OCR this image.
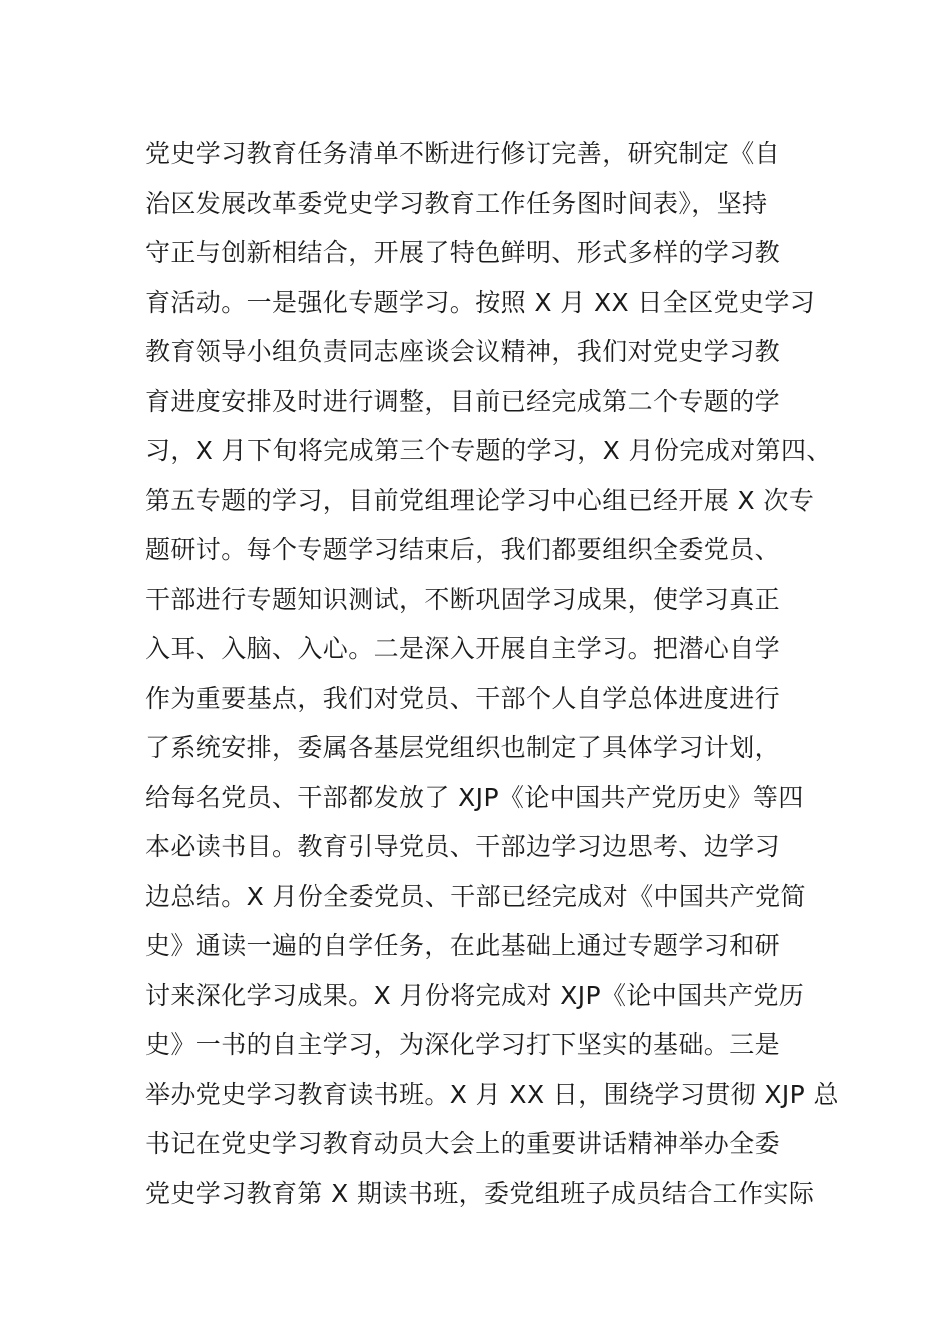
党史学习教育任务清单不断进行修订完善，研究制定《自
治区发展改革委党史学习教育工作任务图时间表》，坚持
守正与创新相结合，开展了特色鲜明、形式多样的学习教
育活动。一是强化专题学习。按照 X 月 XX 日全区党史学习
教育领导小组负责同志座谈会议精神，我们对党史学习教
育进度安排及时进行调整，目前已经完成第二个专题的学
习，X 月下旬将完成第三个专题的学习，X 月份完成对第四、
第五专题的学习，目前党组理论学习中心组已经开展 X 次专
题研讨。每个专题学习结束后，我们都要组织全委党员、
干部进行专题知识测试，不断巩固学习成果，使学习真正
入耳、入脑、入心。二是深入开展自主学习。把潜心自学
作为重要基点，我们对党员、干部个人自学总体进度进行
了系统安排，委属各基层党组织也制定了具体学习计划，
给每名党员、干部都发放了 XJP《论中国共产党历史》等四
本必读书目。教育引导党员、干部边学习边思考、边学习
边总结。X 月份全委党员、干部已经完成对《中国共产党简
史》通读一遍的自学任务，在此基础上通过专题学习和研
讨来深化学习成果。X 月份将完成对 XJP《论中国共产党历
史》一书的自主学习，为深化学习打下坚实的基础。三是
举办党史学习教育读书班。X 月 XX 日，围绕学习贯彻 XJP 总
书记在党史学习教育动员大会上的重要讲话精神举办全委
党史学习教育第 X 期读书班，委党组班子成员结合工作实际
